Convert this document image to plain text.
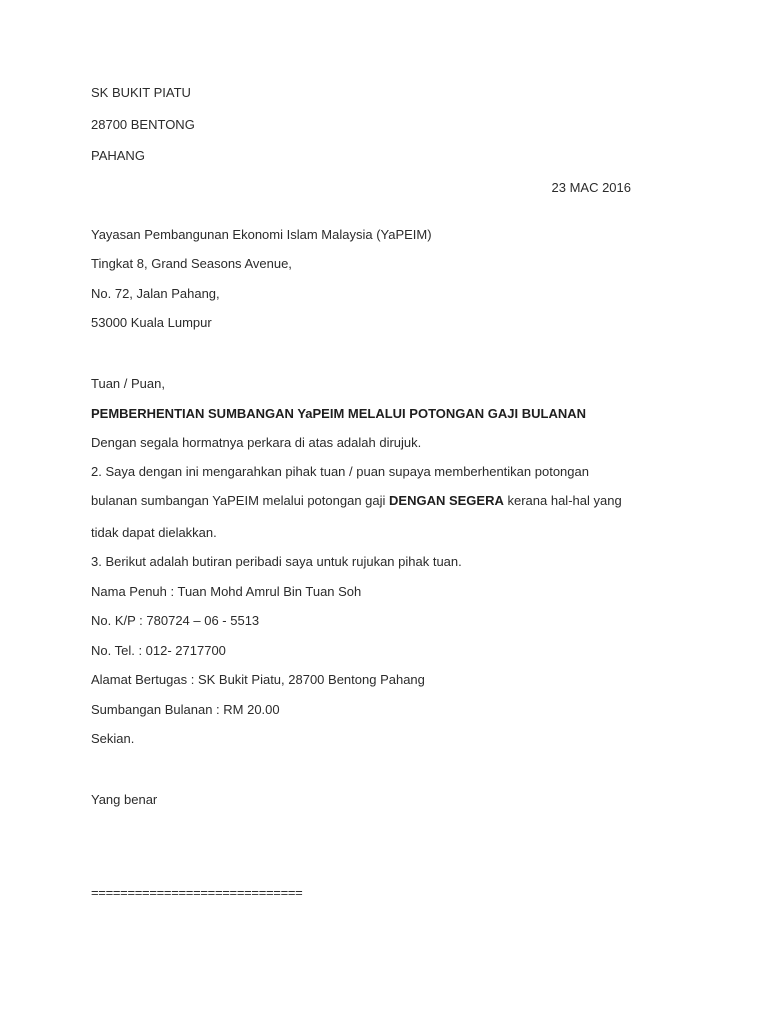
SK BUKIT PIATU
28700 BENTONG
PAHANG
23 MAC 2016
Yayasan Pembangunan Ekonomi Islam Malaysia (YaPEIM)
Tingkat 8, Grand Seasons Avenue,
No. 72, Jalan Pahang,
53000 Kuala Lumpur
Tuan / Puan,
PEMBERHENTIAN SUMBANGAN YaPEIM MELALUI POTONGAN GAJI BULANAN
Dengan segala hormatnya perkara di atas adalah dirujuk.
2. Saya dengan ini mengarahkan pihak tuan / puan supaya memberhentikan potongan
bulanan sumbangan YaPEIM melalui potongan gaji DENGAN SEGERA kerana hal-hal yang
tidak dapat dielakkan.
3. Berikut adalah butiran peribadi saya untuk rujukan pihak tuan.
Nama Penuh : Tuan Mohd Amrul Bin Tuan Soh
No. K/P : 780724 – 06 - 5513
No. Tel. : 012- 2717700
Alamat Bertugas : SK Bukit Piatu, 28700 Bentong Pahang
Sumbangan Bulanan : RM 20.00
Sekian.
Yang benar
=============================
